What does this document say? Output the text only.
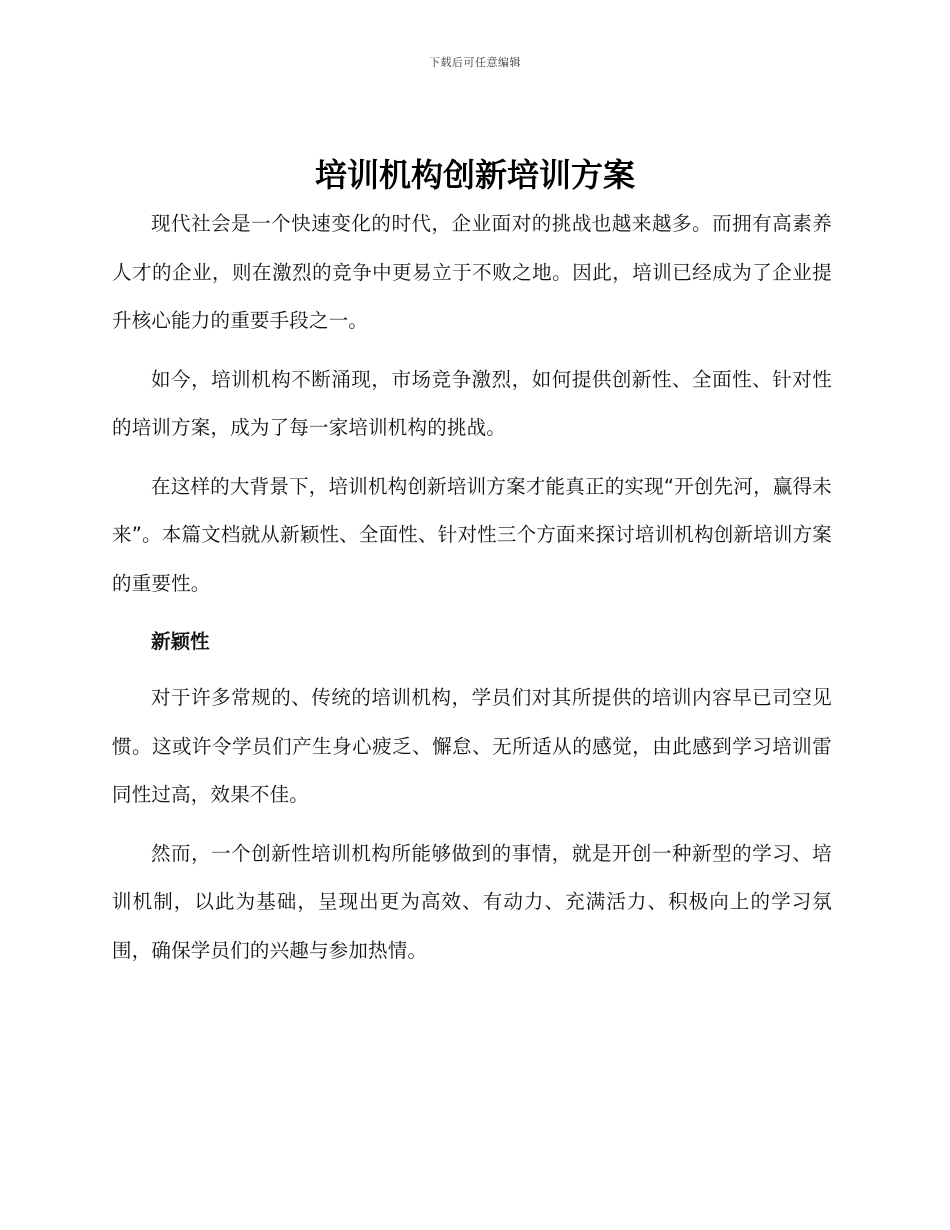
下载后可任意编辑
培训机构创新培训方案

现代社会是一个快速变化的时代，企业面对的挑战也越来越多。而拥有高素养人才的企业，则在激烈的竞争中更易立于不败之地。因此，培训已经成为了企业提升核心能力的重要手段之一。

如今，培训机构不断涌现，市场竞争激烈，如何提供创新性、全面性、针对性的培训方案，成为了每一家培训机构的挑战。

在这样的大背景下，培训机构创新培训方案才能真正的实现“开创先河，赢得未来”。本篇文档就从新颖性、全面性、针对性三个方面来探讨培训机构创新培训方案的重要性。

新颖性

对于许多常规的、传统的培训机构，学员们对其所提供的培训内容早已司空见惯。这或许令学员们产生身心疲乏、懈怠、无所适从的感觉，由此感到学习培训雷同性过高，效果不佳。

然而，一个创新性培训机构所能够做到的事情，就是开创一种新型的学习、培训机制，以此为基础，呈现出更为高效、有动力、充满活力、积极向上的学习氛围，确保学员们的兴趣与参加热情。
